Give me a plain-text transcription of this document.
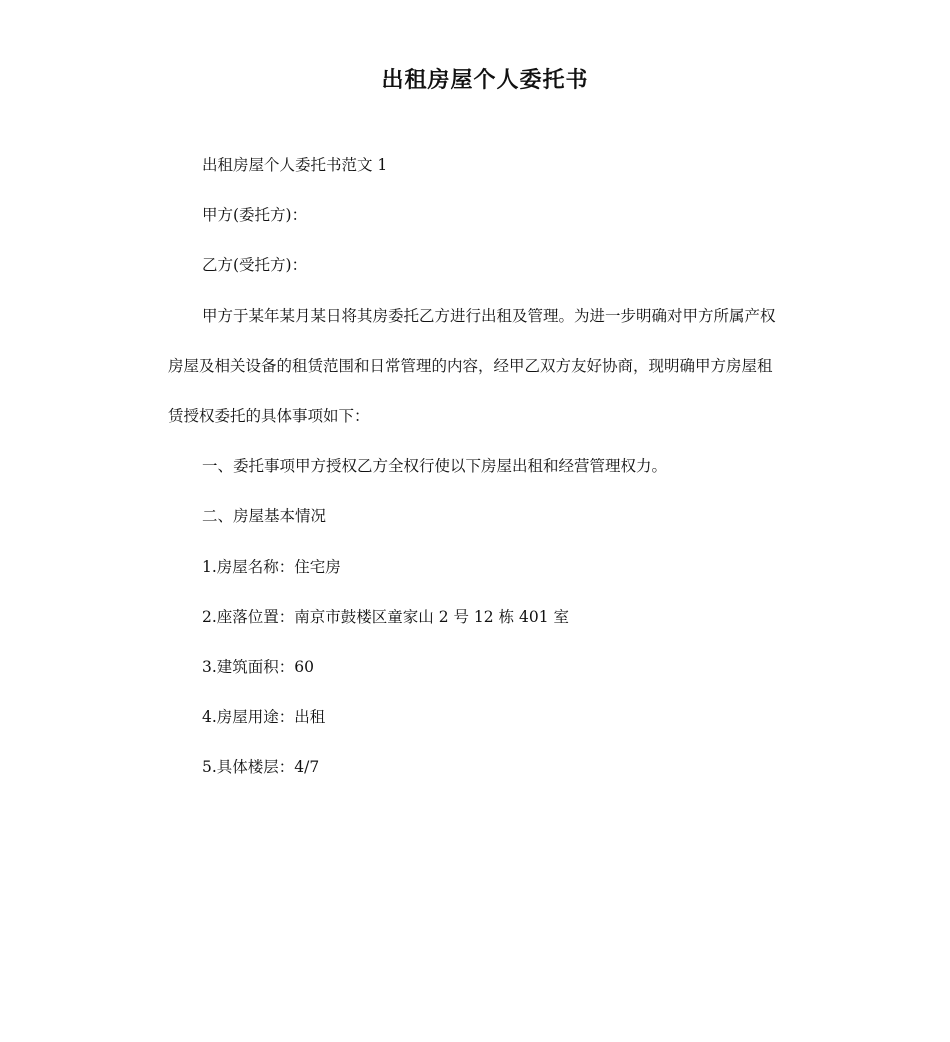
出租房屋个人委托书

出租房屋个人委托书范文 1

甲方(委托方)：

乙方(受托方)：

甲方于某年某月某日将其房委托乙方进行出租及管理。为进一步明确对甲方所属产权房屋及相关设备的租赁范围和日常管理的内容，经甲乙双方友好协商，现明确甲方房屋租赁授权委托的具体事项如下：

一、委托事项甲方授权乙方全权行使以下房屋出租和经营管理权力。

二、房屋基本情况

1.房屋名称：住宅房

2.座落位置：南京市鼓楼区童家山 2 号 12 栋 401 室

3.建筑面积：60

4.房屋用途：出租

5.具体楼层：4/7
